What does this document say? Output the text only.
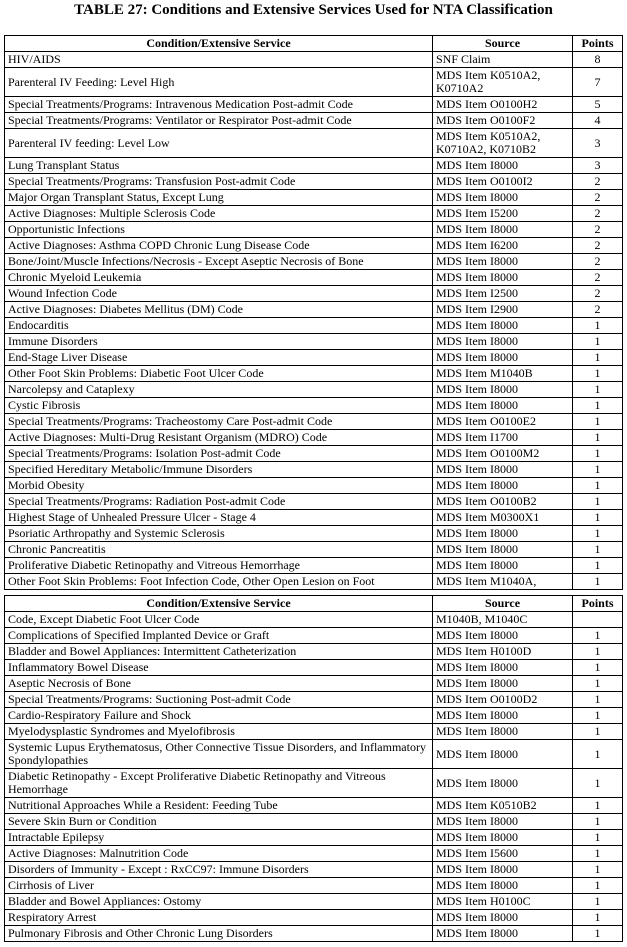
TABLE 27: Conditions and Extensive Services Used for NTA Classification
Condition/Extensive Service	Source	Points
HIV/AIDS	SNF Claim	8
Parenteral IV Feeding: Level High	MDS Item K0510A2, K0710A2	7
Special Treatments/Programs: Intravenous Medication Post-admit Code	MDS Item O0100H2	5
Special Treatments/Programs: Ventilator or Respirator Post-admit Code	MDS Item O0100F2	4
Parenteral IV feeding: Level Low	MDS Item K0510A2, K0710A2, K0710B2	3
Lung Transplant Status	MDS Item I8000	3
Special Treatments/Programs: Transfusion Post-admit Code	MDS Item O0100I2	2
Major Organ Transplant Status, Except Lung	MDS Item I8000	2
Active Diagnoses: Multiple Sclerosis Code	MDS Item I5200	2
Opportunistic Infections	MDS Item I8000	2
Active Diagnoses: Asthma COPD Chronic Lung Disease Code	MDS Item I6200	2
Bone/Joint/Muscle Infections/Necrosis - Except Aseptic Necrosis of Bone	MDS Item I8000	2
Chronic Myeloid Leukemia	MDS Item I8000	2
Wound Infection Code	MDS Item I2500	2
Active Diagnoses: Diabetes Mellitus (DM) Code	MDS Item I2900	2
Endocarditis	MDS Item I8000	1
Immune Disorders	MDS Item I8000	1
End-Stage Liver Disease	MDS Item I8000	1
Other Foot Skin Problems: Diabetic Foot Ulcer Code	MDS Item M1040B	1
Narcolepsy and Cataplexy	MDS Item I8000	1
Cystic Fibrosis	MDS Item I8000	1
Special Treatments/Programs: Tracheostomy Care Post-admit Code	MDS Item O0100E2	1
Active Diagnoses: Multi-Drug Resistant Organism (MDRO) Code	MDS Item I1700	1
Special Treatments/Programs: Isolation Post-admit Code	MDS Item O0100M2	1
Specified Hereditary Metabolic/Immune Disorders	MDS Item I8000	1
Morbid Obesity	MDS Item I8000	1
Special Treatments/Programs: Radiation Post-admit Code	MDS Item O0100B2	1
Highest Stage of Unhealed Pressure Ulcer - Stage 4	MDS Item M0300X1	1
Psoriatic Arthropathy and Systemic Sclerosis	MDS Item I8000	1
Chronic Pancreatitis	MDS Item I8000	1
Proliferative Diabetic Retinopathy and Vitreous Hemorrhage	MDS Item I8000	1
Other Foot Skin Problems: Foot Infection Code, Other Open Lesion on Foot	MDS Item M1040A,	1
Condition/Extensive Service	Source	Points
Code, Except Diabetic Foot Ulcer Code	M1040B, M1040C	
Complications of Specified Implanted Device or Graft	MDS Item I8000	1
Bladder and Bowel Appliances: Intermittent Catheterization	MDS Item H0100D	1
Inflammatory Bowel Disease	MDS Item I8000	1
Aseptic Necrosis of Bone	MDS Item I8000	1
Special Treatments/Programs: Suctioning Post-admit Code	MDS Item O0100D2	1
Cardio-Respiratory Failure and Shock	MDS Item I8000	1
Myelodysplastic Syndromes and Myelofibrosis	MDS Item I8000	1
Systemic Lupus Erythematosus, Other Connective Tissue Disorders, and Inflammatory Spondylopathies	MDS Item I8000	1
Diabetic Retinopathy - Except Proliferative Diabetic Retinopathy and Vitreous Hemorrhage	MDS Item I8000	1
Nutritional Approaches While a Resident: Feeding Tube	MDS Item K0510B2	1
Severe Skin Burn or Condition	MDS Item I8000	1
Intractable Epilepsy	MDS Item I8000	1
Active Diagnoses: Malnutrition Code	MDS Item I5600	1
Disorders of Immunity - Except : RxCC97: Immune Disorders	MDS Item I8000	1
Cirrhosis of Liver	MDS Item I8000	1
Bladder and Bowel Appliances: Ostomy	MDS Item H0100C	1
Respiratory Arrest	MDS Item I8000	1
Pulmonary Fibrosis and Other Chronic Lung Disorders	MDS Item I8000	1
